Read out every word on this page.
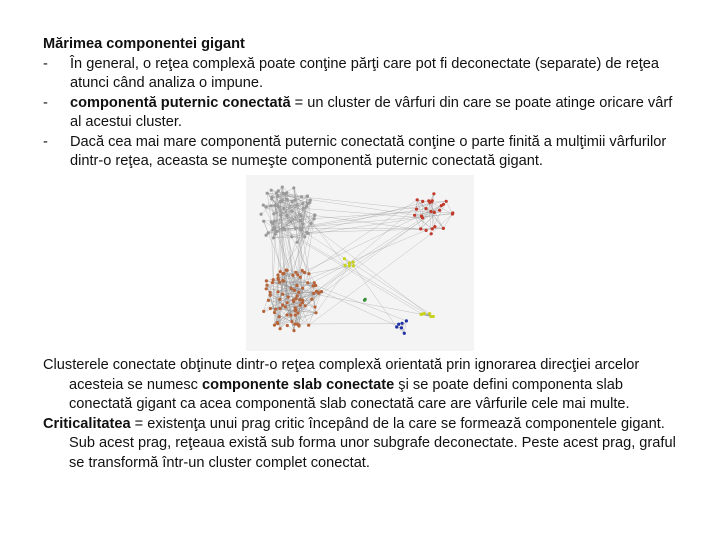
Mărimea componentei gigant
-	În general, o reţea complexă poate conţine părţi care pot fi deconectate (separate) de reţea atunci când analiza o impune.
-	componentă puternic conectată = un cluster de vârfuri din care se poate atinge oricare vârf al acestui cluster.
-	Dacă cea mai mare componentă puternic conectată conţine o parte finită a mulţimii vârfurilor dintr-o reţea, aceasta se numeşte componentă puternic conectată gigant.
Clusterele conectate obţinute dintr-o reţea complexă orientată prin ignorarea direcţiei arcelor acesteia se numesc componente slab conectate şi se poate defini componenta slab conectată gigant ca acea componentă slab conectată care are vârfurile cele mai multe.
Criticalitatea = existenţa unui prag critic începând de la care se formează componentele gigant. Sub acest prag, reţeaua există sub forma unor subgrafe deconectate. Peste acest prag, graful se transformă într-un cluster complet conectat.
